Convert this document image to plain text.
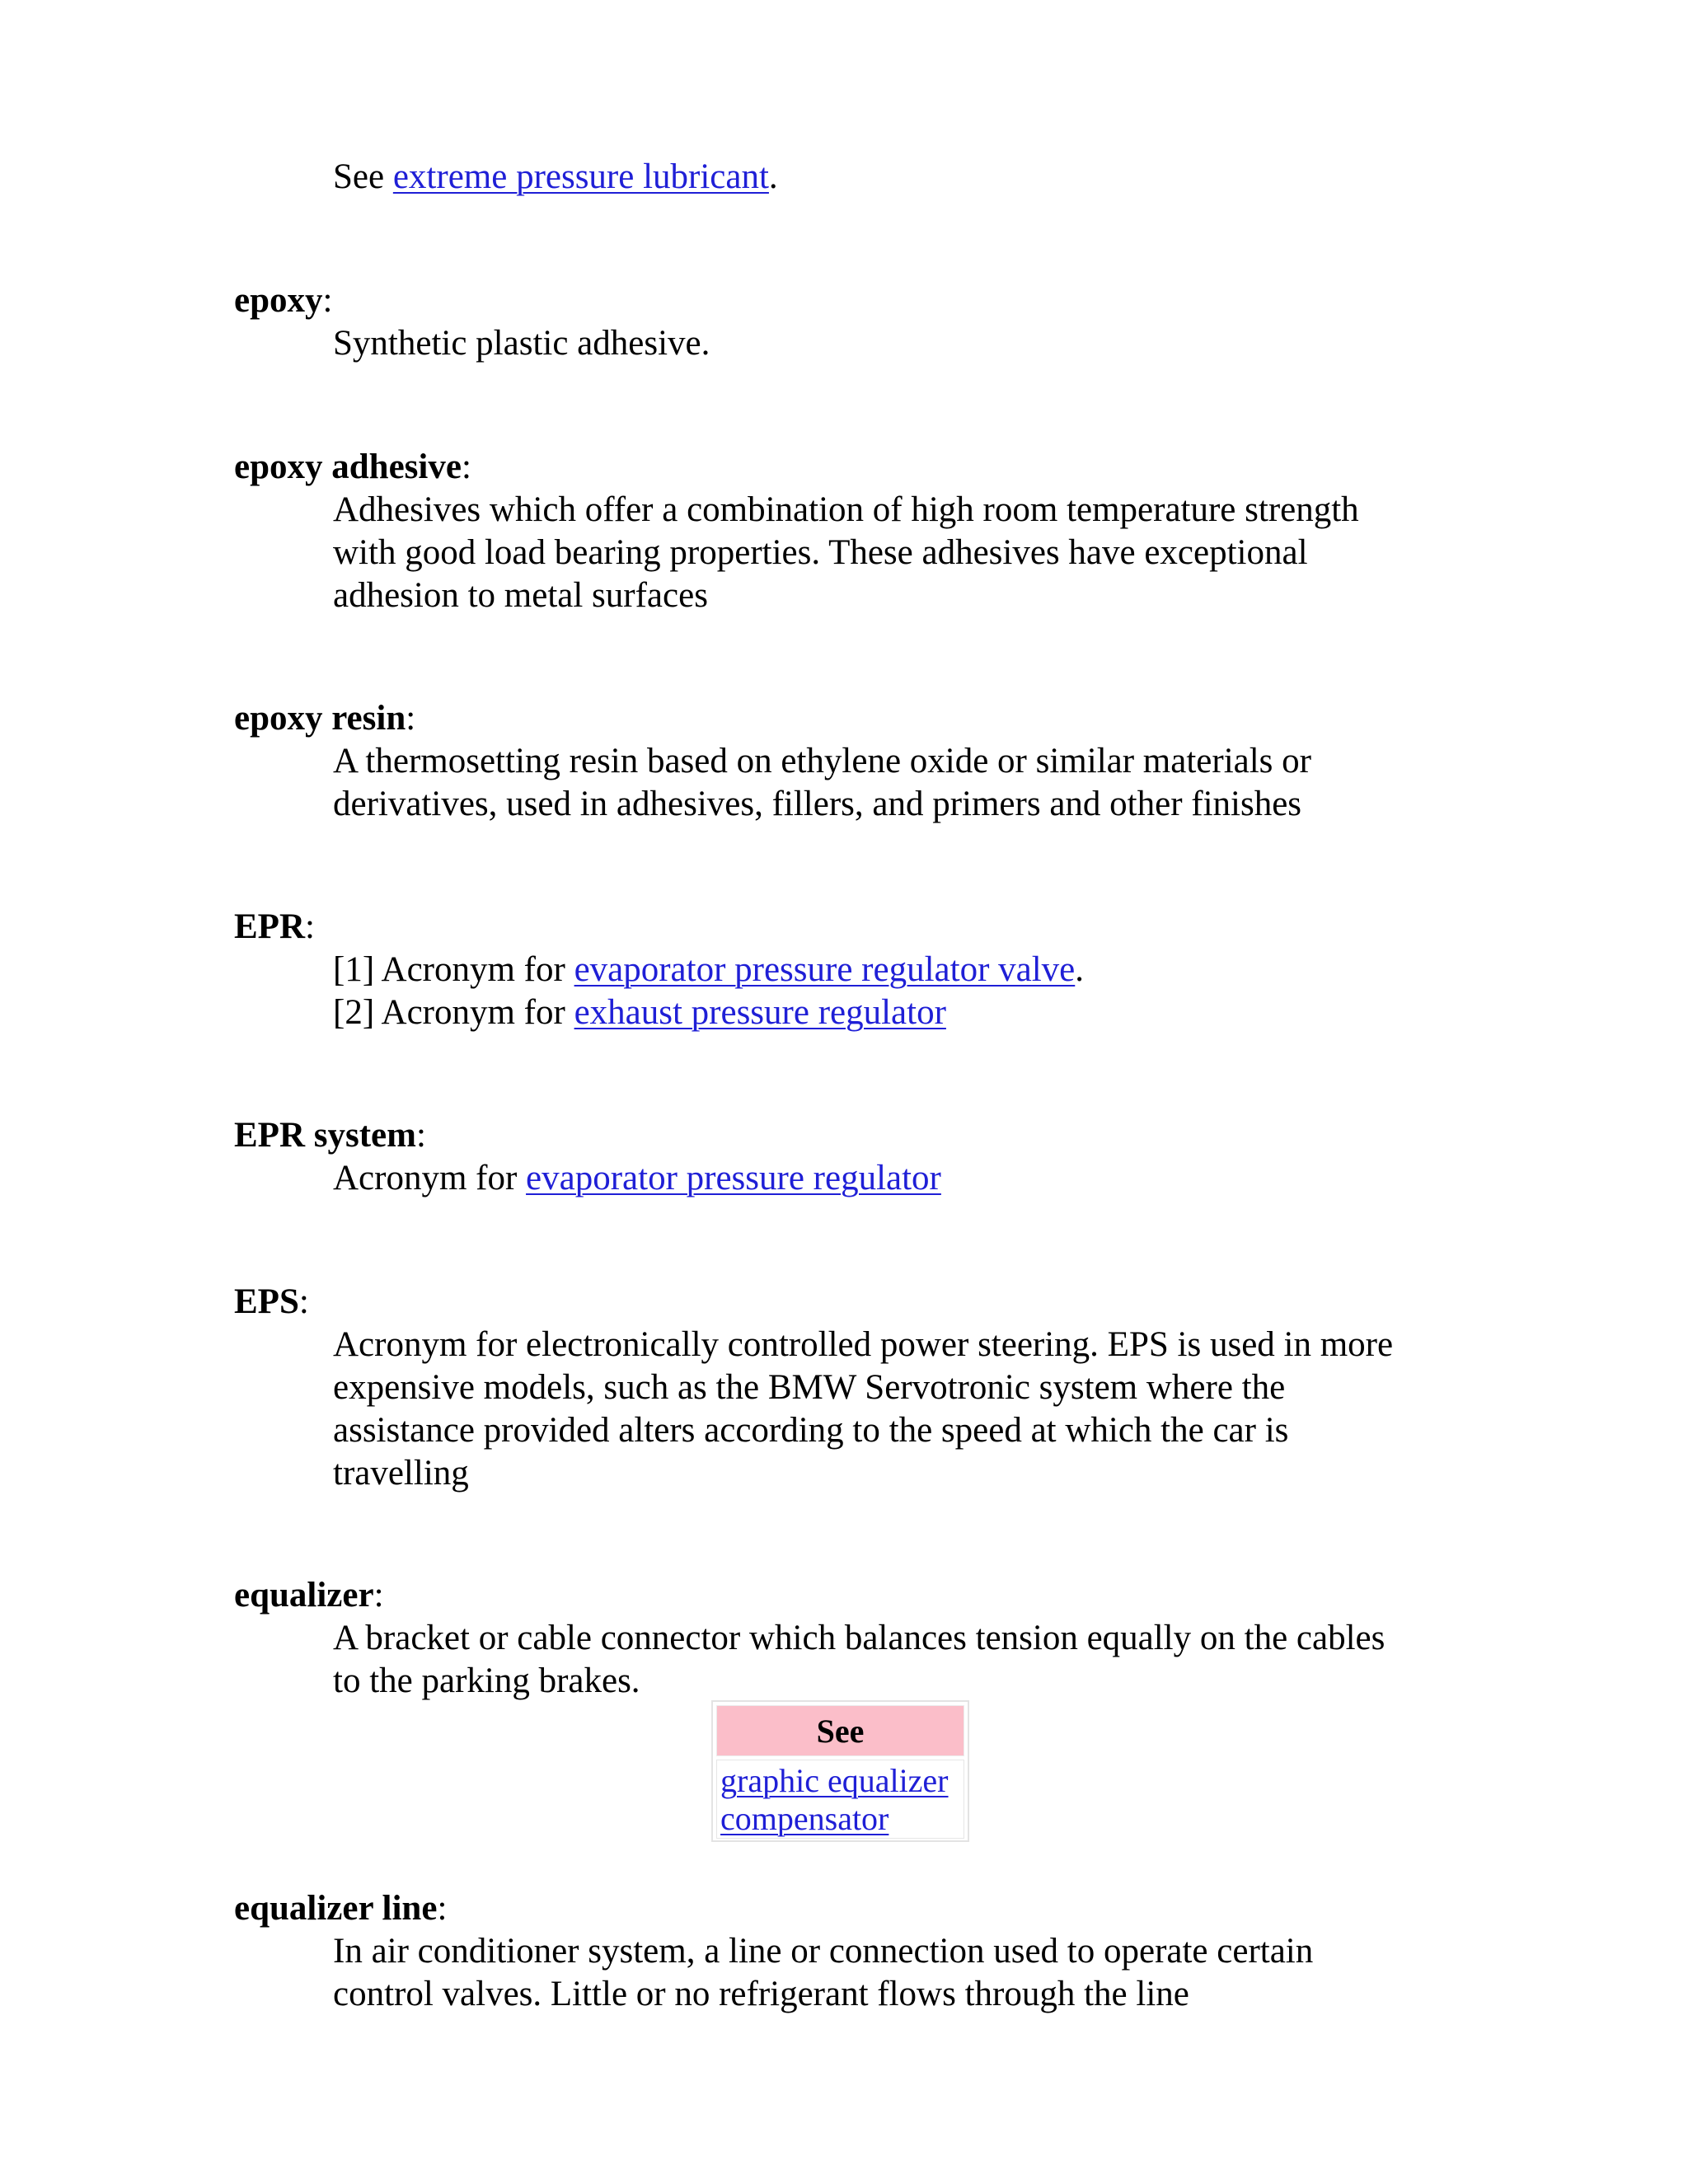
See extreme pressure lubricant.

epoxy:

Synthetic plastic adhesive.

epoxy adhesive:

Adhesives which offer a combination of high room temperature strength
with good load bearing properties. These adhesives have exceptional
adhesion to metal surfaces

epoxy resin:

A thermosetting resin based on ethylene oxide or similar materials or
derivatives, used in adhesives, fillers, and primers and other finishes

EPR:

[1] Acronym for evaporator pressure regulator valve.
[2] Acronym for exhaust pressure regulator

EPR system:

Acronym for evaporator pressure regulator

EPS:

Acronym for electronically controlled power steering. EPS is used in more
expensive models, such as the BMW Servotronic system where the
assistance provided alters according to the speed at which the car is
travelling

equalizer:

A bracket or cable connector which balances tension equally on the cables
to the parking brakes.
See
graphic equalizer
compensator

equalizer line:

In air conditioner system, a line or connection used to operate certain
control valves. Little or no refrigerant flows through the line
